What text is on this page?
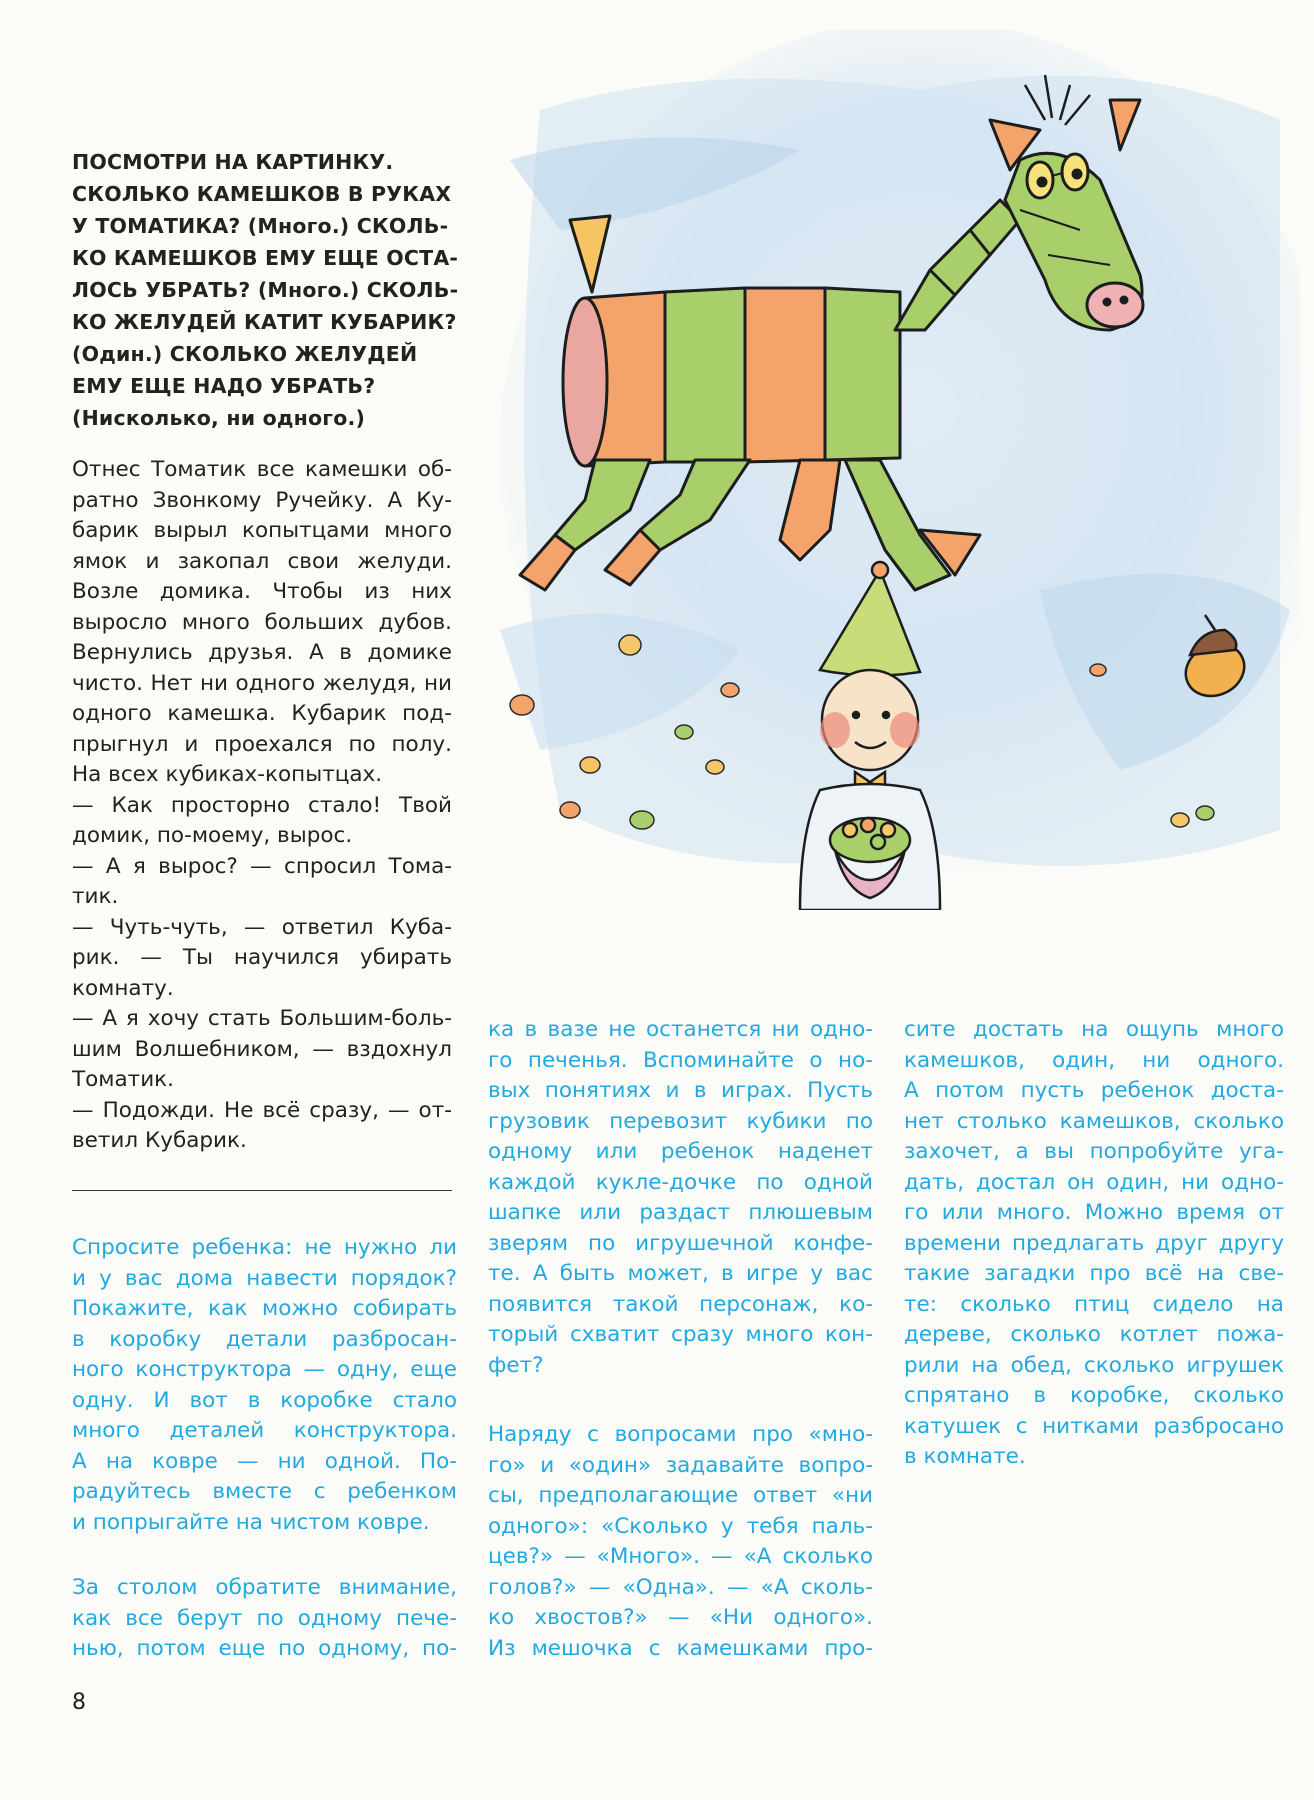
ПОСМОТРИ НА КАРТИНКУ.
СКОЛЬКО КАМЕШКОВ В РУКАХ
У ТОМАТИКА? (Много.) СКОЛЬ-
КО КАМЕШКОВ ЕМУ ЕЩЕ ОСТА-
ЛОСЬ УБРАТЬ? (Много.) СКОЛЬ-
КО ЖЕЛУДЕЙ КАТИТ КУБАРИК?
(Один.) СКОЛЬКО ЖЕЛУДЕЙ
ЕМУ ЕЩЕ НАДО УБРАТЬ?
(Нисколько, ни одного.)
Отнес Томатик все камешки об-
ратно Звонкому Ручейку. А Ку-
барик вырыл копытцами много
ямок и закопал свои желуди.
Возле домика. Чтобы из них
выросло много больших дубов.
Вернулись друзья. А в домике
чисто. Нет ни одного желудя, ни
одного камешка. Кубарик под-
прыгнул и проехался по полу.
На всех кубиках-копытцах.
— Как просторно стало! Твой
домик, по-моему, вырос.
— А я вырос? — спросил Тома-
тик.
— Чуть-чуть, — ответил Куба-
рик. — Ты научился убирать
комнату.
— А я хочу стать Большим-боль-
шим Волшебником, — вздохнул
Томатик.
— Подожди. Не всё сразу, — от-
ветил Кубарик.
Спросите ребенка: не нужно ли
и у вас дома навести порядок?
Покажите, как можно собирать
в коробку детали разбросан-
ного конструктора — одну, еще
одну. И вот в коробке стало
много деталей конструктора.
А на ковре — ни одной. По-
радуйтесь вместе с ребенком
и попрыгайте на чистом ковре.
За столом обратите внимание,
как все берут по одному пече-
нью, потом еще по одному, по-
ка в вазе не останется ни одно-
го печенья. Вспоминайте о но-
вых понятиях и в играх. Пусть
грузовик перевозит кубики по
одному или ребенок наденет
каждой кукле-дочке по одной
шапке или раздаст плюшевым
зверям по игрушечной конфе-
те. А быть может, в игре у вас
появится такой персонаж, ко-
торый схватит сразу много кон-
фет?
Наряду с вопросами про «мно-
го» и «один» задавайте вопро-
сы, предполагающие ответ «ни
одного»: «Сколько у тебя паль-
цев?» — «Много». — «А сколько
голов?» — «Одна». — «А сколь-
ко хвостов?» — «Ни одного».
Из мешочка с камешками про-
сите достать на ощупь много
камешков, один, ни одного.
А потом пусть ребенок доста-
нет столько камешков, сколько
захочет, а вы попробуйте уга-
дать, достал он один, ни одно-
го или много. Можно время от
времени предлагать друг другу
такие загадки про всё на све-
те: сколько птиц сидело на
дереве, сколько котлет пожа-
рили на обед, сколько игрушек
спрятано в коробке, сколько
катушек с нитками разбросано
в комнате.
8
